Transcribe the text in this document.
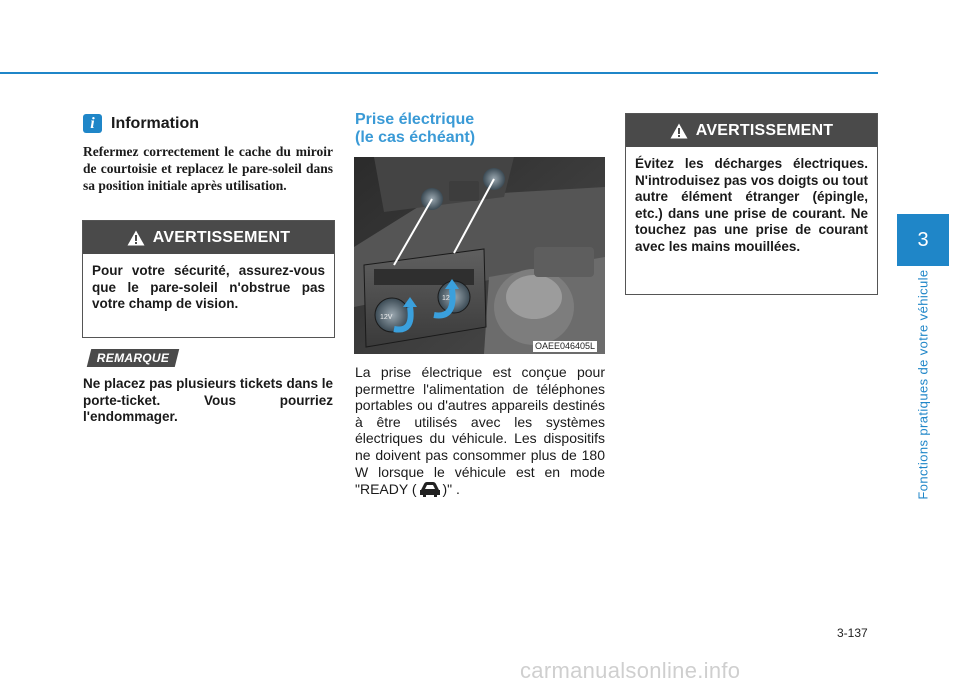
i	Information
Refermez correctement le cache du miroir de courtoisie et replacez le pare-soleil dans sa position initiale après utilisation.
AVERTISSEMENT
Pour votre sécurité, assurez-vous que le pare-soleil n'obstrue pas votre champ de vision.
REMARQUE
Ne placez pas plusieurs tickets dans le porte-ticket. Vous pourriez l'endommager.
Prise électrique
(le cas échéant)
12V
12V
OAEE046405L
La prise électrique est conçue pour permettre l'alimentation de téléphones portables ou d'autres appareils destinés à être utilisés avec les systèmes électriques du véhicule. Les dispositifs ne doivent pas consommer plus de 180 W lorsque le véhicule est en mode "READY ( )" .
AVERTISSEMENT
Évitez les décharges électriques. N'introduisez pas vos doigts ou tout autre élément étranger (épingle, etc.) dans une prise de courant. Ne touchez pas une prise de courant avec les mains mouillées.	3
Fonctions pratiques de votre véhicule
3-137
carmanualsonline.info
